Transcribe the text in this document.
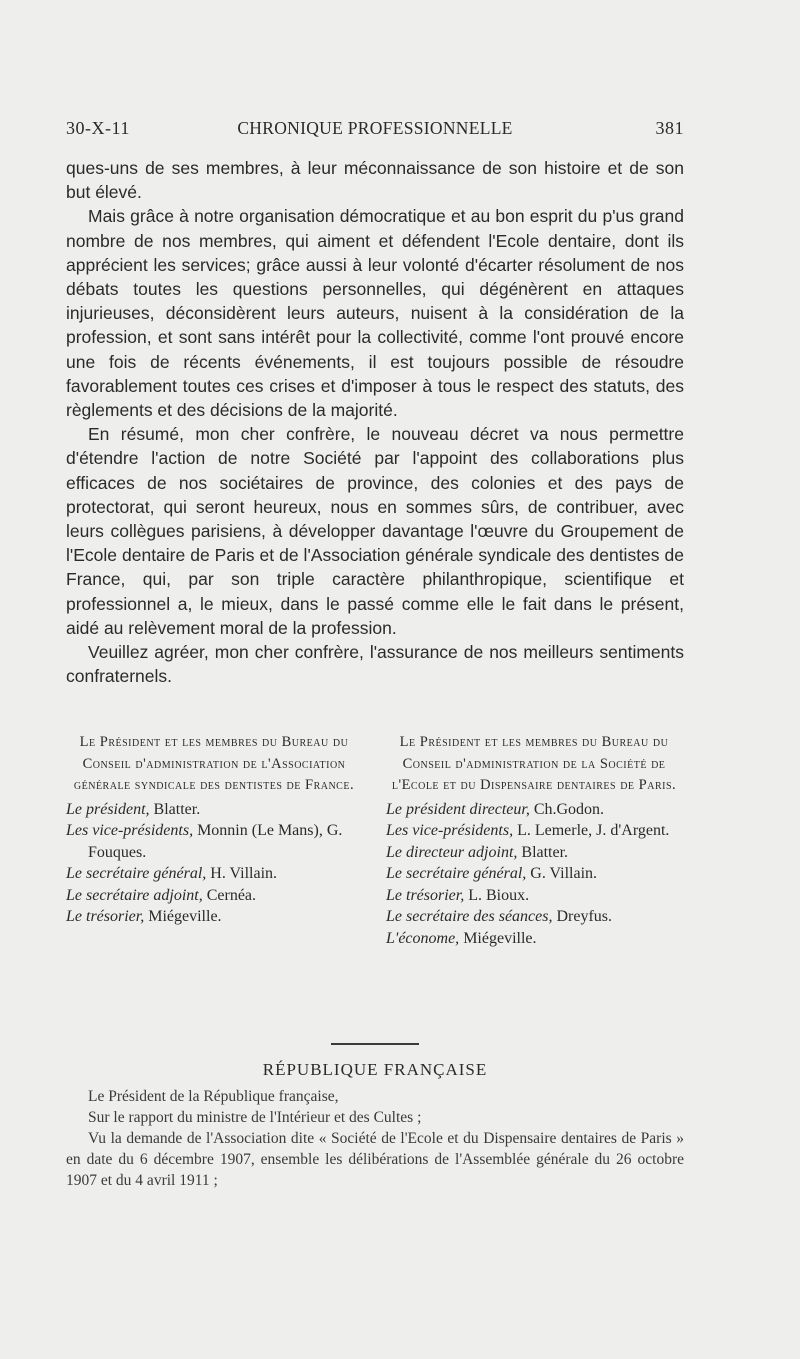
30-X-11	CHRONIQUE PROFESSIONNELLE	381

ques-uns de ses membres, à leur méconnaissance de son histoire et de son but élevé.

Mais grâce à notre organisation démocratique et au bon esprit du p'us grand nombre de nos membres, qui aiment et défendent l'Ecole dentaire, dont ils apprécient les services; grâce aussi à leur volonté d'écarter résolument de nos débats toutes les questions personnelles, qui dégénèrent en attaques injurieuses, déconsidèrent leurs auteurs, nuisent à la considération de la profession, et sont sans intérêt pour la collectivité, comme l'ont prouvé encore une fois de récents événements, il est toujours possible de résoudre favorablement toutes ces crises et d'imposer à tous le respect des statuts, des règlements et des décisions de la majorité.

En résumé, mon cher confrère, le nouveau décret va nous permettre d'étendre l'action de notre Société par l'appoint des collaborations plus efficaces de nos sociétaires de province, des colonies et des pays de protectorat, qui seront heureux, nous en sommes sûrs, de contribuer, avec leurs collègues parisiens, à développer davantage l'œuvre du Groupement de l'Ecole dentaire de Paris et de l'Association générale syndicale des dentistes de France, qui, par son triple caractère philanthropique, scientifique et professionnel a, le mieux, dans le passé comme elle le fait dans le présent, aidé au relèvement moral de la profession.

Veuillez agréer, mon cher confrère, l'assurance de nos meilleurs sentiments confraternels.

Le Président et les membres du Bureau du Conseil d'administration de l'Association générale syndicale des dentistes de France.

Le président, Blatter.
Les vice-présidents, Monnin (Le Mans), G. Fouques.
Le secrétaire général, H. Villain.
Le secrétaire adjoint, Cernéa.
Le trésorier, Miégeville.

Le Président et les membres du Bureau du Conseil d'administration de la Société de l'Ecole et du Dispensaire dentaires de Paris.

Le président directeur, Ch.Godon.
Les vice-présidents, L. Lemerle, J. d'Argent.
Le directeur adjoint, Blatter.
Le secrétaire général, G. Villain.
Le trésorier, L. Bioux.
Le secrétaire des séances, Dreyfus.
L'économe, Miégeville.
RÉPUBLIQUE FRANÇAISE

Le Président de la République française,

Sur le rapport du ministre de l'Intérieur et des Cultes ;

Vu la demande de l'Association dite « Société de l'Ecole et du Dispensaire dentaires de Paris » en date du 6 décembre 1907, ensemble les délibérations de l'Assemblée générale du 26 octobre 1907 et du 4 avril 1911 ;
